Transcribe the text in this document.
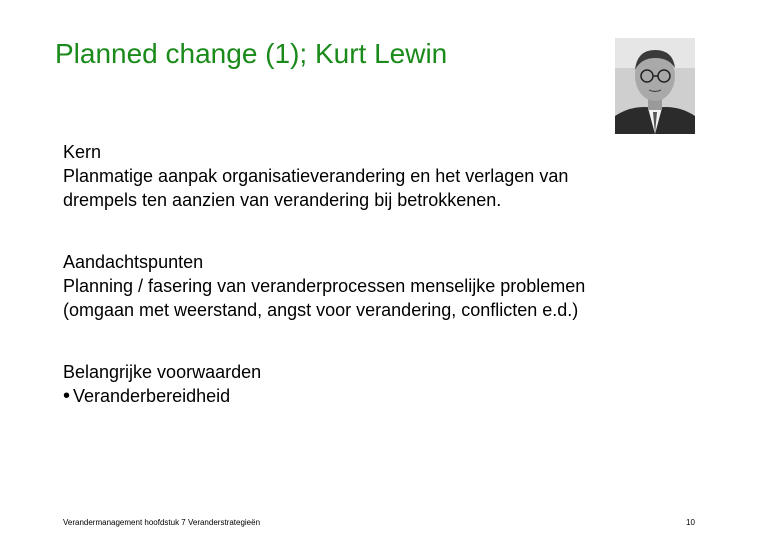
Planned change (1); Kurt Lewin
Kern
Planmatige aanpak organisatieverandering en het verlagen van
drempels ten aanzien van verandering bij betrokkenen.
Aandachtspunten
Planning / fasering van veranderprocessen menselijke problemen
(omgaan met weerstand, angst voor verandering, conflicten e.d.)
Belangrijke voorwaarden
• Veranderbereidheid
Verandermanagement hoofdstuk 7 Veranderstrategieën	10
